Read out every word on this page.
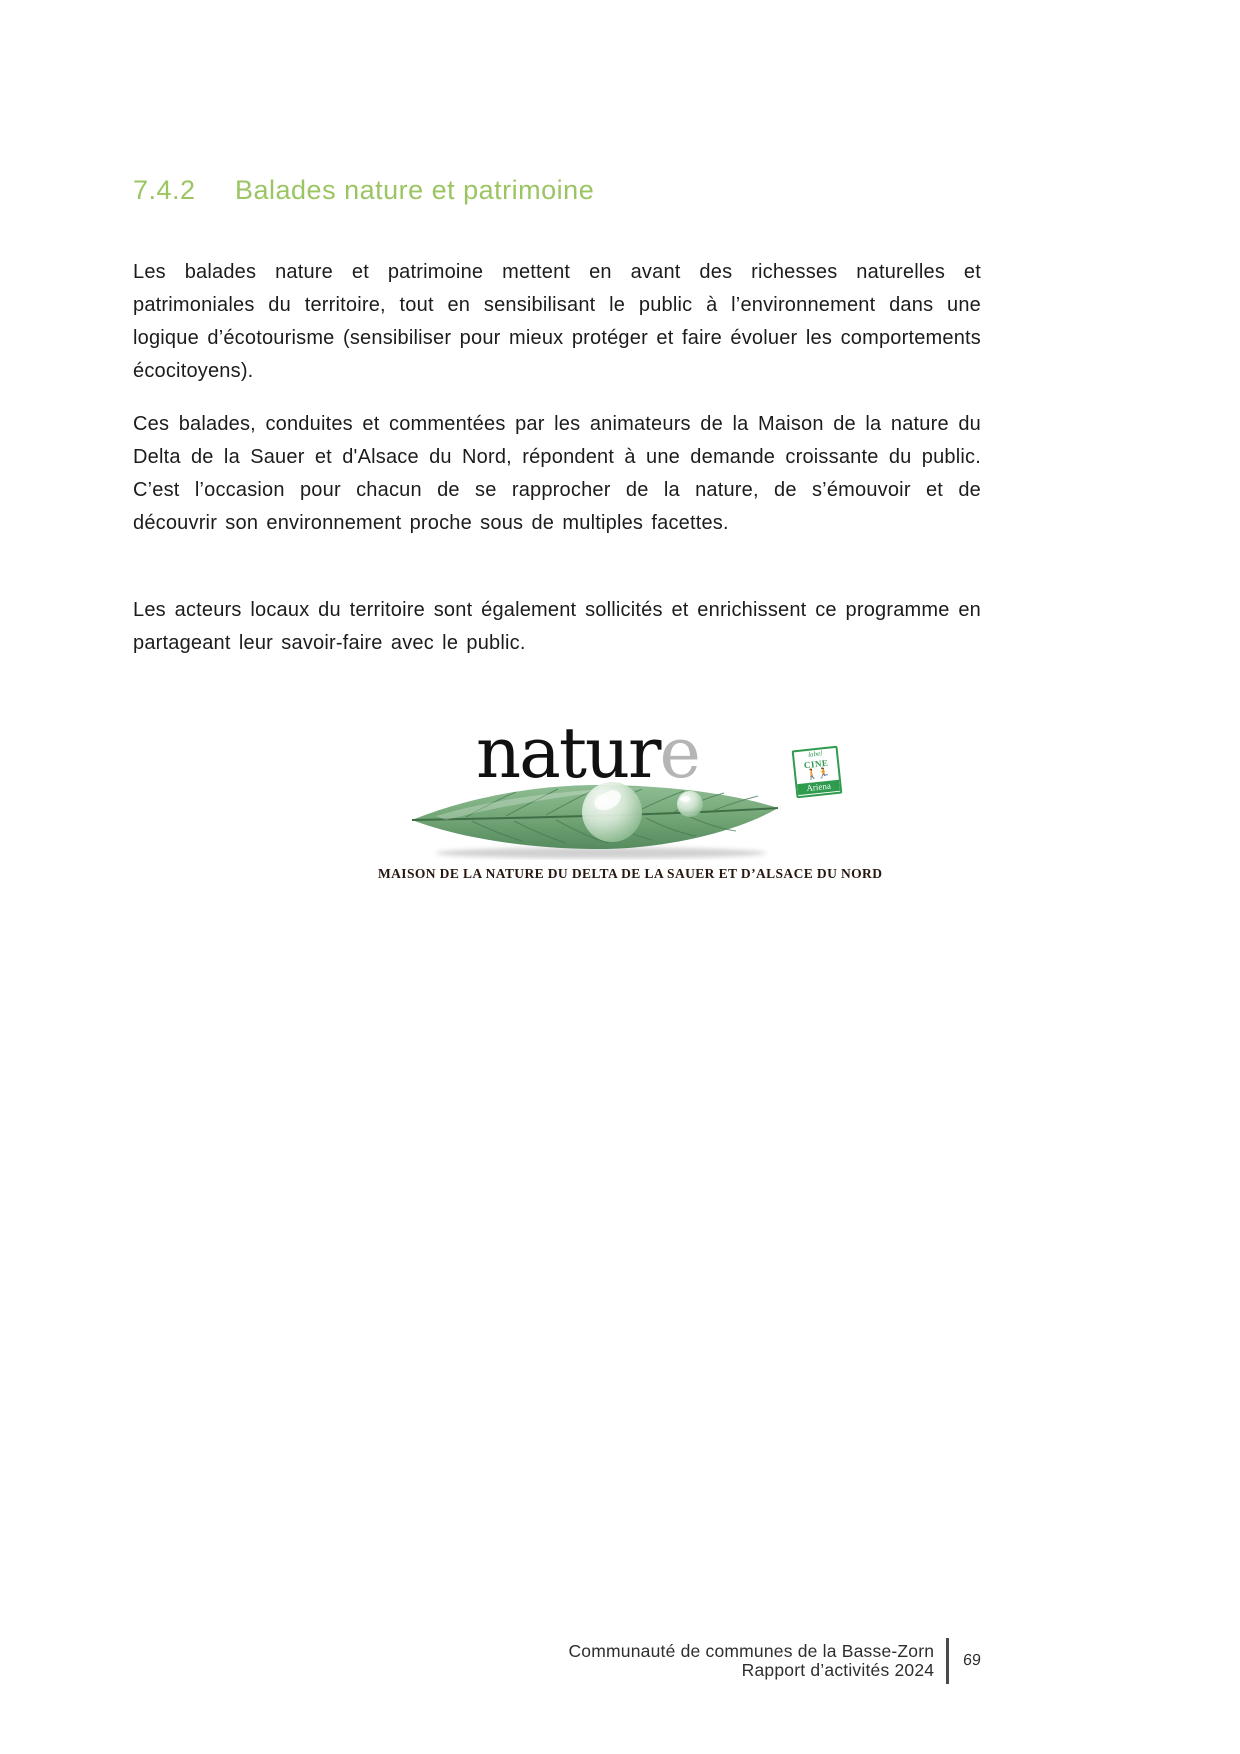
7.4.2	Balades nature et patrimoine

Les balades nature et patrimoine mettent en avant des richesses naturelles et patrimoniales du territoire, tout en sensibilisant le public à l’environnement dans une logique d’écotourisme (sensibiliser pour mieux protéger et faire évoluer les comportements écocitoyens).

Ces balades, conduites et commentées par les animateurs de la Maison de la nature du Delta de la Sauer et d'Alsace du Nord, répondent à une demande croissante du public. C’est l’occasion pour chacun de se rapprocher de la nature, de s’émouvoir et de découvrir son environnement proche sous de multiples facettes.

Les acteurs locaux du territoire sont également sollicités et enrichissent ce programme en partageant leur savoir-faire avec le public.

nature	label
CINE
🚶🏃
Ariena
MAISON DE LA NATURE DU DELTA DE LA SAUER ET D’ALSACE DU NORD
Communauté de communes de la Basse-Zorn
Rapport d’activités 2024 69
